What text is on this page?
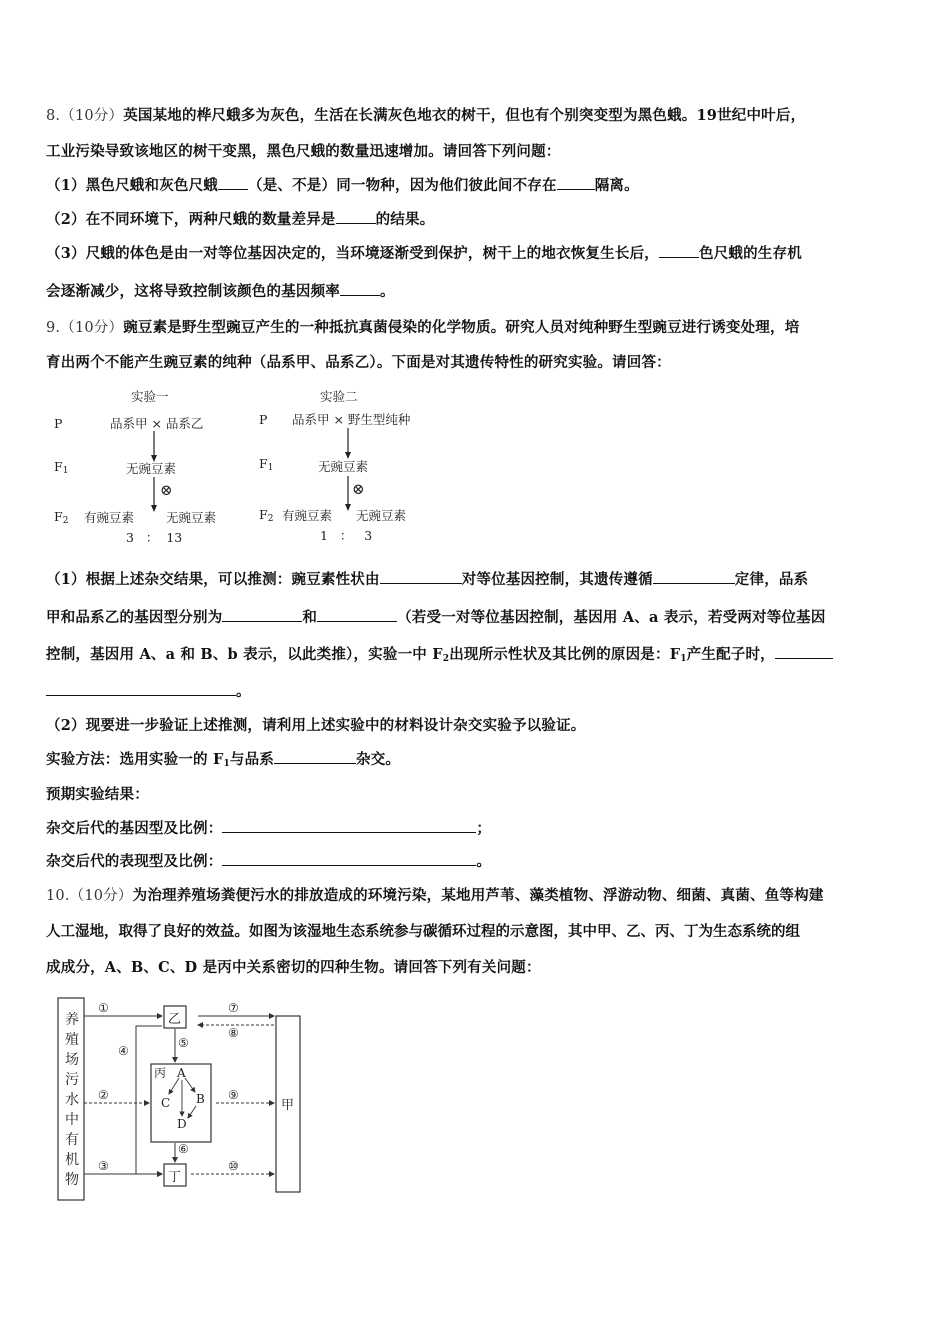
8.（10分）英国某地的桦尺蛾多为灰色，生活在长满灰色地衣的树干，但也有个别突变型为黑色蛾。19世纪中叶后，
工业污染导致该地区的树干变黑，黑色尺蛾的数量迅速增加。请回答下列问题：
（1）黑色尺蛾和灰色尺蛾 （是、不是）同一物种，因为他们彼此间不存在	隔离。
（2）在不同环境下，两种尺蛾的数量差异是	的结果。
（3）尺蛾的体色是由一对等位基因决定的，当环境逐渐受到保护，树干上的地衣恢复生长后，	色尺蛾的生存机
会逐渐减少，这将导致控制该颜色的基因频率	。
9.（10分）豌豆素是野生型豌豆产生的一种抵抗真菌侵染的化学物质。研究人员对纯种野生型豌豆进行诱变处理，培
育出两个不能产生豌豆素的纯种（品系甲、品系乙）。下面是对其遗传特性的研究实验。请回答：
实验一
P	品系甲 × 品系乙
$F_1$	无豌豆素
⊗
$F_2$ 有豌豆素	无豌豆素
3   ：  13
实验二
P 品系甲 × 野生型纯种
$F_1$	无豌豆素
⊗
$F_2$ 有豌豆素 无豌豆素
1   ：   3
（1）根据上述杂交结果，可以推测：豌豆素性状由	对等位基因控制，其遗传遵循	定律，品系
甲和品系乙的基因型分别为	和	（若受一对等位基因控制，基因用 A、a 表示，若受两对等位基因
控制，基因用 A、a 和 B、b 表示，以此类推），实验一中 $F_2$出现所示性状及其比例的原因是：$F_1$产生配子时，
。
（2）现要进一步验证上述推测，请利用上述实验中的材料设计杂交实验予以验证。
实验方法：选用实验一的 $F_1$与品系	杂交。
预期实验结果：
杂交后代的基因型及比例：	；
杂交后代的表现型及比例：	。
10.（10分）为治理养殖场粪便污水的排放造成的环境污染，某地用芦苇、藻类植物、浮游动物、细菌、真菌、鱼等构建
人工湿地，取得了良好的效益。如图为该湿地生态系统参与碳循环过程的示意图，其中甲、乙、丙、丁为生态系统的组
成成分，A、B、C、D 是丙中关系密切的四种生物。请回答下列有关问题：
养
殖
场
污
水
中
有
机
物
乙
丙
丁
甲
A
B
C
D
①
②
③
④
⑤
⑥
⑦
⑧
⑨
⑩
